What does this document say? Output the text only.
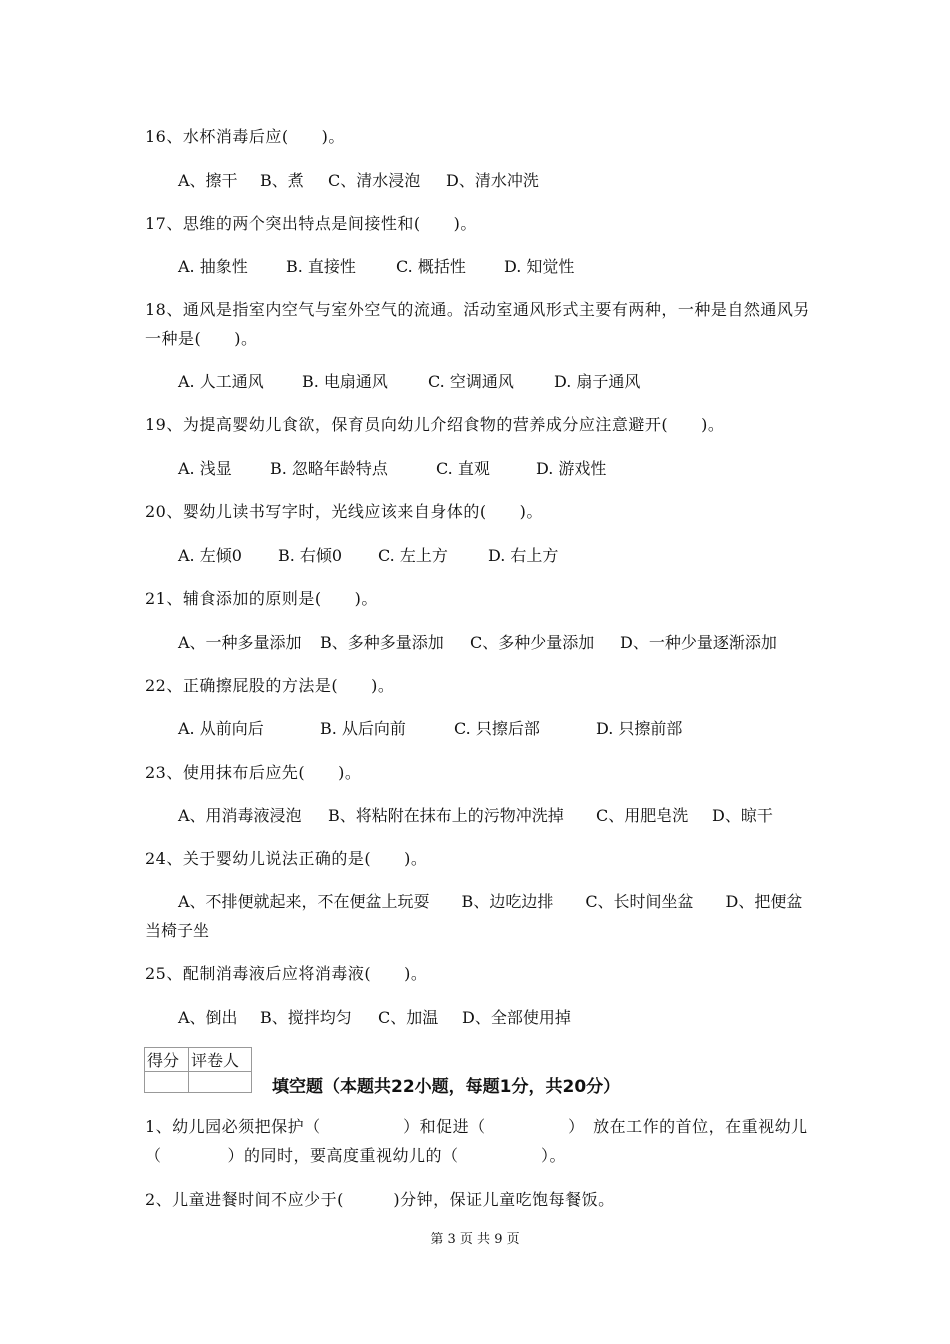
16、水杯消毒后应(　　)。
A、擦干 B、煮 C、清水浸泡 D、清水冲洗
17、思维的两个突出特点是间接性和(　　)。
A. 抽象性 B. 直接性	C. 概括性 D. 知觉性
18、通风是指室内空气与室外空气的流通。活动室通风形式主要有两种，一种是自然通风另一种是(　　)。
A. 人工通风 B. 电扇通风	C. 空调通风	D. 扇子通风
19、为提高婴幼儿食欲，保育员向幼儿介绍食物的营养成分应注意避开(　　)。
A. 浅显 B. 忽略年龄特点	C. 直观	D. 游戏性
20、婴幼儿读书写字时，光线应该来自身体的(　　)。
A. 左倾0 B. 右倾0 C. 左上方	D. 右上方
21、辅食添加的原则是(　　)。
A、一种多量添加 B、多种多量添加 C、多种少量添加 D、一种少量逐渐添加
22、正确擦屁股的方法是(　　)。
A. 从前向后	B. 从后向前	C. 只擦后部	D. 只擦前部
23、使用抹布后应先(　　)。
A、用消毒液浸泡 B、将粘附在抹布上的污物冲洗掉 C、用肥皂洗 D、晾干
24、关于婴幼儿说法正确的是(　　)。
A、不排便就起来，不在便盆上玩耍　　B、边吃边排　　C、长时间坐盆　　D、把便盆当椅子坐
25、配制消毒液后应将消毒液(　　)。
A、倒出 B、搅拌均匀 C、加温 D、全部使用掉
得分	评卷人

填空题（本题共22小题，每题1分，共20分）
1、幼儿园必须把保护（　　　　　）和促进（　　　　　）　放在工作的首位，在重视幼儿（　　　　）的同时，要高度重视幼儿的（　　　　　）。
2、儿童进餐时间不应少于(　　　)分钟，保证儿童吃饱每餐饭。
第 3 页 共 9 页
